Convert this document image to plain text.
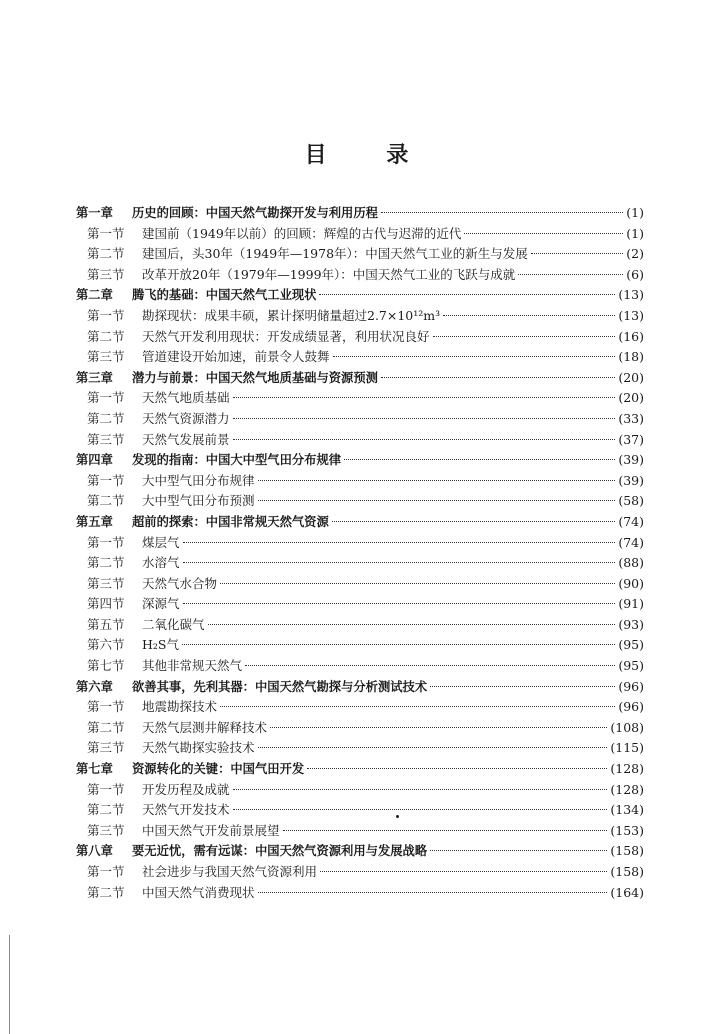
目 录
第一章	历史的回顾：中国天然气勘探开发与利用历程	(1)
第一节	建国前（1949年以前）的回顾：辉煌的古代与迟滞的近代	(1)
第二节	建国后，头30年（1949年—1978年）：中国天然气工业的新生与发展	(2)
第三节	改革开放20年（1979年—1999年）：中国天然气工业的飞跃与成就	(6)
第二章	腾飞的基础：中国天然气工业现状	(13)
第一节	勘探现状：成果丰硕，累计探明储量超过2.7×10¹²m³	(13)
第二节	天然气开发利用现状：开发成绩显著，利用状况良好	(16)
第三节	管道建设开始加速，前景令人鼓舞	(18)
第三章	潜力与前景：中国天然气地质基础与资源预测	(20)
第一节	天然气地质基础	(20)
第二节	天然气资源潜力	(33)
第三节	天然气发展前景	(37)
第四章	发现的指南：中国大中型气田分布规律	(39)
第一节	大中型气田分布规律	(39)
第二节	大中型气田分布预测	(58)
第五章	超前的探索：中国非常规天然气资源	(74)
第一节	煤层气	(74)
第二节	水溶气	(88)
第三节	天然气水合物	(90)
第四节	深源气	(91)
第五节	二氧化碳气	(93)
第六节	H₂S气	(95)
第七节	其他非常规天然气	(95)
第六章	欲善其事，先利其器：中国天然气勘探与分析测试技术	(96)
第一节	地震勘探技术	(96)
第二节	天然气层测井解释技术	(108)
第三节	天然气勘探实验技术	(115)
第七章	资源转化的关键：中国气田开发	(128)
第一节	开发历程及成就	(128)
第二节	天然气开发技术	(134)
第三节	中国天然气开发前景展望	(153)
第八章	要无近忧，需有远谋：中国天然气资源利用与发展战略	(158)
第一节	社会进步与我国天然气资源利用	(158)
第二节	中国天然气消费现状	(164)
